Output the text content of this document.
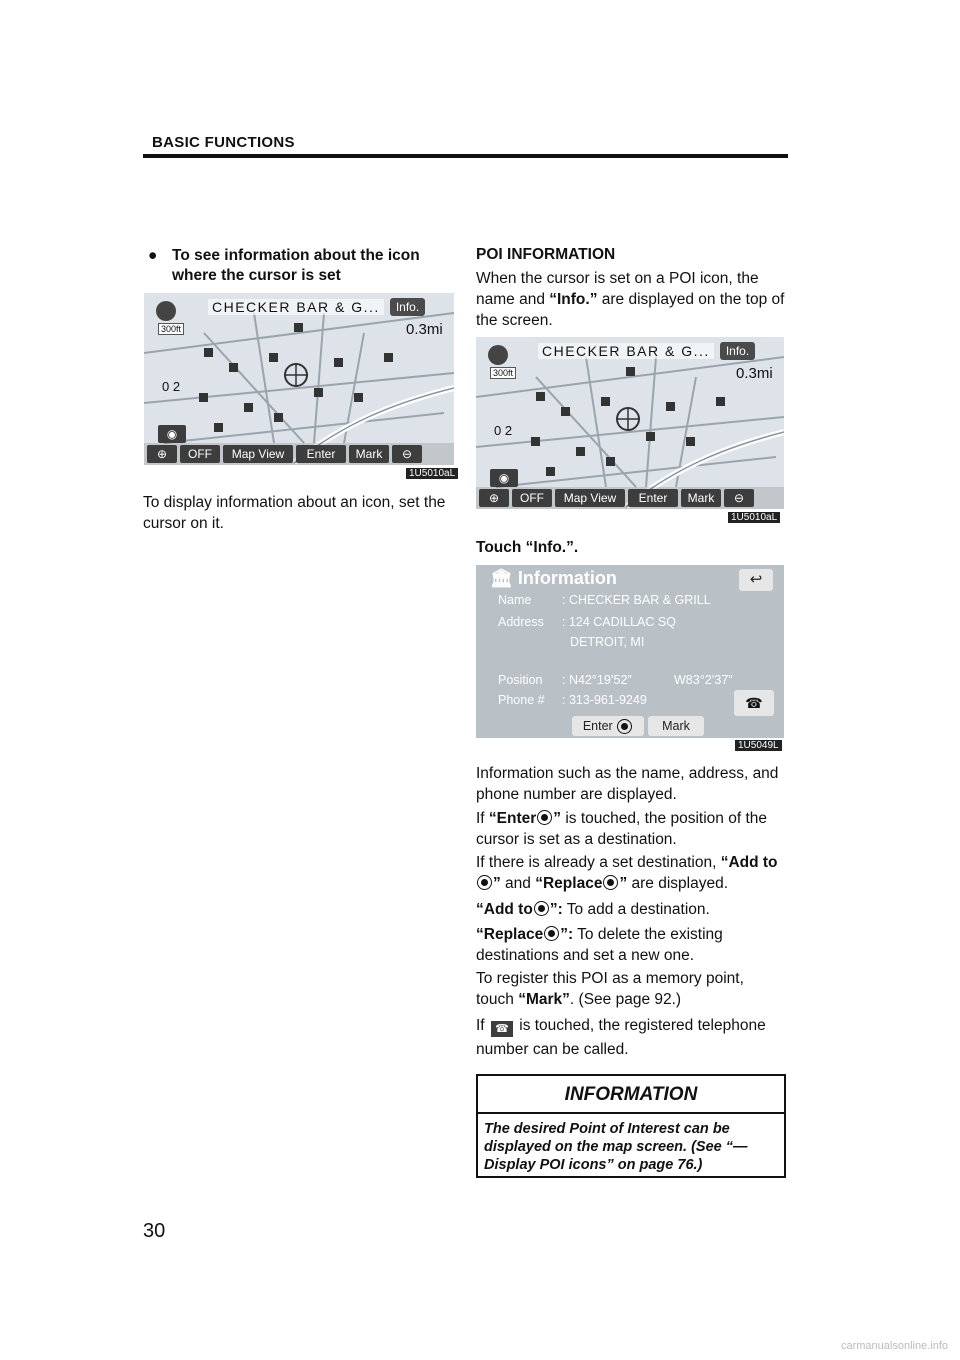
BASIC FUNCTIONS
● To see information about the icon where the cursor is set
CHECKER BAR & G...	Info.
300ft	0.3mi
0 2
◉
⊕	OFF	Map View	Enter	Mark	⊖
1U5010aL
To display information about an icon, set the cursor on it.
POI INFORMATION
When the cursor is set on a POI icon, the name and “Info.” are displayed on the top of the screen.
CHECKER BAR & G...	Info.
300ft	0.3mi
0 2
◉
⊕	OFF	Map View	Enter	Mark	⊖
1U5010aL
Touch “Info.”.
🏛 Information	↩
Name : CHECKER BAR & GRILL
Address : 124 CADILLAC SQ
DETROIT, MI
Position : N42°19’52”	W83°2’37”
Phone # : 313-961-9249	☎
Enter
	Mark
1U5049L
Information such as the name, address, and phone number are displayed.
If “Enter ” is touched, the position of the cursor is set as a destination.
If there is already a set destination, “Add to” and “Replace ” are displayed.
“Add to ”: To add a destination.
“Replace ”: To delete the existing destinations and set a new one.
To register this POI as a memory point, touch “Mark”. (See page 92.)
If ☎ is touched, the registered telephone number can be called.
INFORMATION
The desired Point of Interest can be displayed on the map screen. (See “— Display POI icons” on page 76.)
30
carmanualsonline.info
